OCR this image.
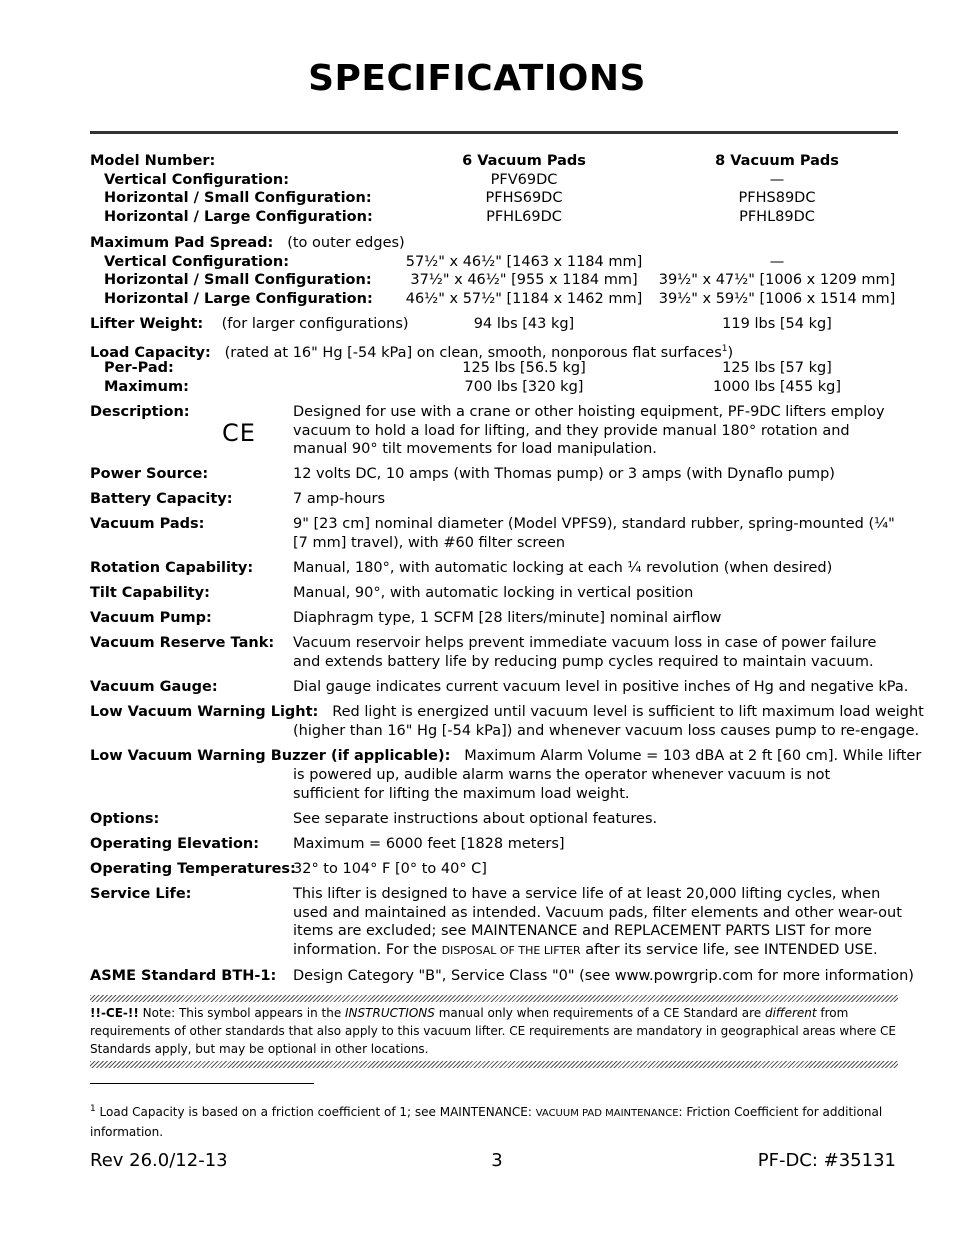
SPECIFICATIONS
Model Number:	6 Vacuum Pads	8 Vacuum Pads
Vertical Configuration:	PFV69DC	—
Horizontal / Small Configuration:	PFHS69DC	PFHS89DC
Horizontal / Large Configuration:	PFHL69DC	PFHL89DC
Maximum Pad Spread: (to outer edges)
Vertical Configuration:	57½" x 46½" [1463 x 1184 mm]	—
Horizontal / Small Configuration:	37½" x 46½" [955 x 1184 mm]	39½" x 47½" [1006 x 1209 mm]
Horizontal / Large Configuration: 46½" x 57½" [1184 x 1462 mm] 39½" x 59½" [1006 x 1514 mm]
Lifter Weight: (for larger configurations)	94 lbs [43 kg]	119 lbs [54 kg]
Load Capacity: (rated at 16" Hg [-54 kPa] on clean, smooth, nonporous flat surfaces$^1$)
Per-Pad:	125 lbs [56.5 kg]	125 lbs [57 kg]
Maximum:	700 lbs [320 kg]	1000 lbs [455 kg]
Description:
CE
Designed for use with a crane or other hoisting equipment, PF-9DC lifters employ vacuum to hold a load for lifting, and they provide manual 180° rotation and manual 90° tilt movements for load manipulation.
Power Source:	12 volts DC, 10 amps (with Thomas pump) or 3 amps (with Dynaflo pump)
Battery Capacity:	7 amp-hours
Vacuum Pads:	9" [23 cm] nominal diameter (Model VPFS9), standard rubber, spring-mounted (¼" [7 mm] travel), with #60 filter screen
Rotation Capability:	Manual, 180°, with automatic locking at each ¼ revolution (when desired)
Tilt Capability:	Manual, 90°, with automatic locking in vertical position
Vacuum Pump:	Diaphragm type, 1 SCFM [28 liters/minute] nominal airflow
Vacuum Reserve Tank: Vacuum reservoir helps prevent immediate vacuum loss in case of power failure and extends battery life by reducing pump cycles required to maintain vacuum.
Vacuum Gauge:	Dial gauge indicates current vacuum level in positive inches of Hg and negative kPa.
Low Vacuum Warning Light: Red light is energized until vacuum level is sufficient to lift maximum load weight
(higher than 16" Hg [-54 kPa]) and whenever vacuum loss causes pump to re-engage.
Low Vacuum Warning Buzzer (if applicable): Maximum Alarm Volume = 103 dBA at 2 ft [60 cm]. While lifter
is powered up, audible alarm warns the operator whenever vacuum is not sufficient for lifting the maximum load weight.
Options:	See separate instructions about optional features.
Operating Elevation: Maximum = 6000 feet [1828 meters]
Operating Temperatures:
32° to 104° F [0° to 40° C]
Service Life:	This lifter is designed to have a service life of at least 20,000 lifting cycles, when used and maintained as intended. Vacuum pads, filter elements and other wear-out items are excluded; see MAINTENANCE and REPLACEMENT PARTS LIST for more information. For the DISPOSAL OF THE LIFTER after its service life, see INTENDED USE.
ASME Standard BTH-1: Design Category "B", Service Class "0" (see www.powrgrip.com for more information)
!!-CE-!! Note: This symbol appears in the INSTRUCTIONS manual only when requirements of a CE Standard are different from requirements of other standards that also apply to this vacuum lifter. CE requirements are mandatory in geographical areas where CE Standards apply, but may be optional in other locations.
$^1$ Load Capacity is based on a friction coefficient of 1; see MAINTENANCE: VACUUM PAD MAINTENANCE: Friction Coefficient for additional information.
Rev 26.0/12-13	3	PF-DC: #35131
